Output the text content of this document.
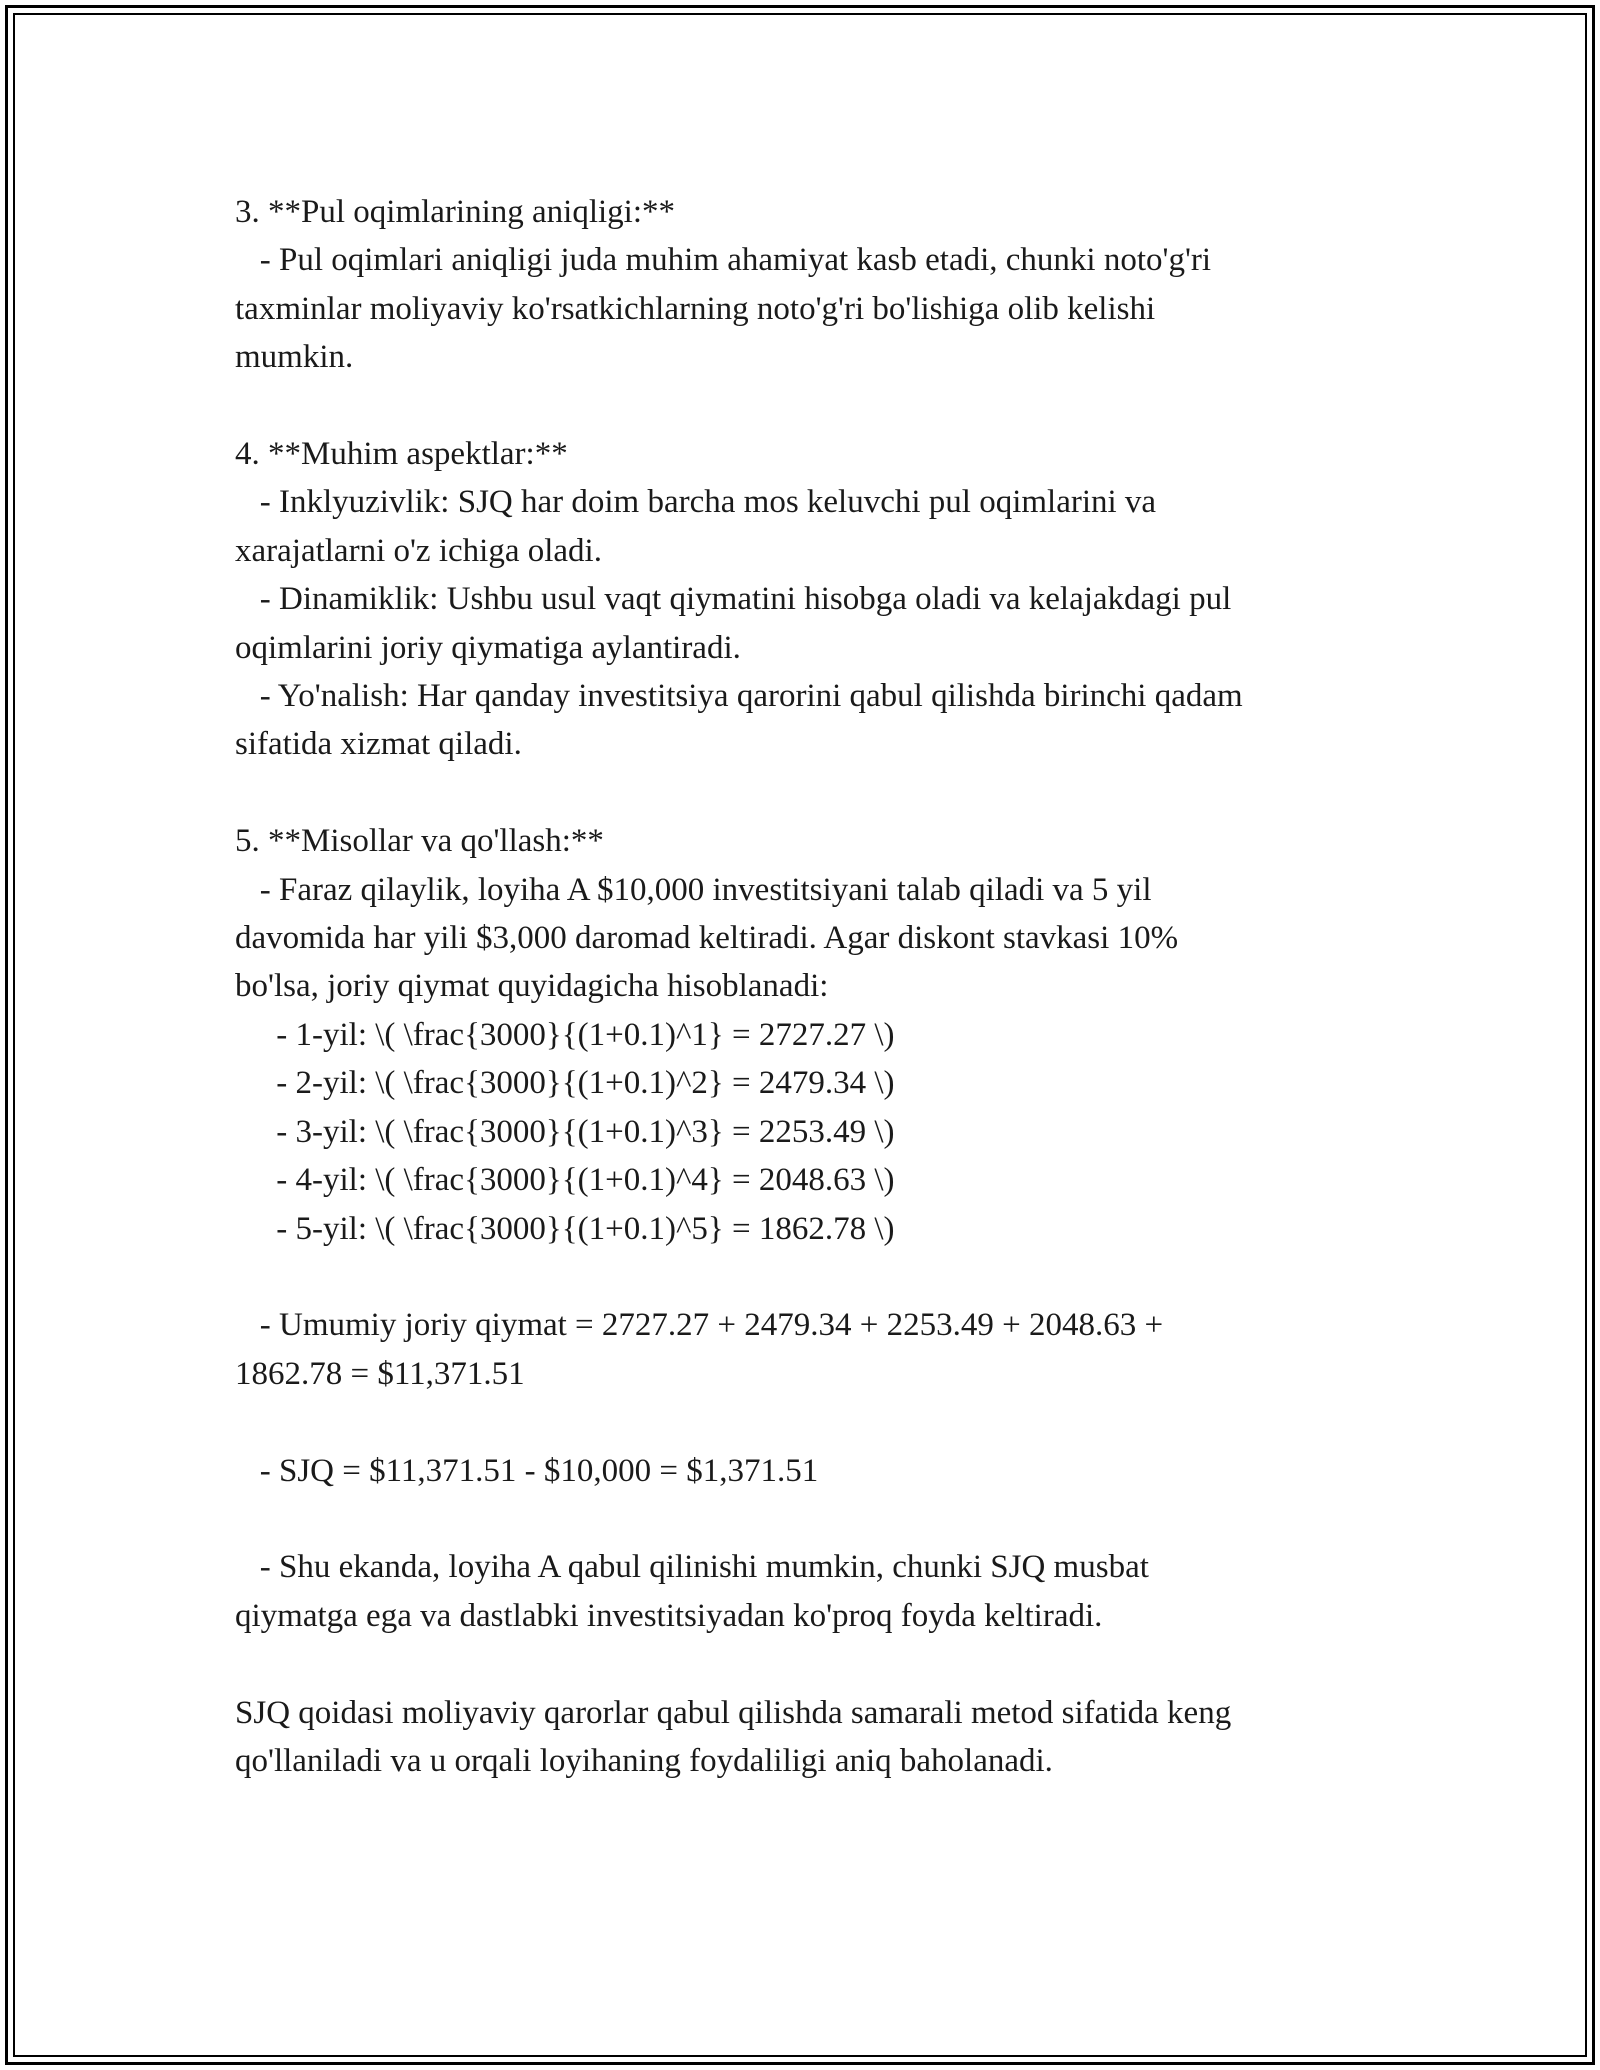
3. **Pul oqimlarining aniqligi:**
- Pul oqimlari aniqligi juda muhim ahamiyat kasb etadi, chunki noto'g'ri
taxminlar moliyaviy ko'rsatkichlarning noto'g'ri bo'lishiga olib kelishi
mumkin.
4. **Muhim aspektlar:**
- Inklyuzivlik: SJQ har doim barcha mos keluvchi pul oqimlarini va
xarajatlarni o'z ichiga oladi.
- Dinamiklik: Ushbu usul vaqt qiymatini hisobga oladi va kelajakdagi pul
oqimlarini joriy qiymatiga aylantiradi.
- Yo'nalish: Har qanday investitsiya qarorini qabul qilishda birinchi qadam
sifatida xizmat qiladi.
5. **Misollar va qo'llash:**
- Faraz qilaylik, loyiha A $10,000 investitsiyani talab qiladi va 5 yil
davomida har yili $3,000 daromad keltiradi. Agar diskont stavkasi 10%
bo'lsa, joriy qiymat quyidagicha hisoblanadi:
- 1-yil: \( \frac{3000}{(1+0.1)^1} = 2727.27 \)
- 2-yil: \( \frac{3000}{(1+0.1)^2} = 2479.34 \)
- 3-yil: \( \frac{3000}{(1+0.1)^3} = 2253.49 \)
- 4-yil: \( \frac{3000}{(1+0.1)^4} = 2048.63 \)
- 5-yil: \( \frac{3000}{(1+0.1)^5} = 1862.78 \)
- Umumiy joriy qiymat = 2727.27 + 2479.34 + 2253.49 + 2048.63 +
1862.78 = $11,371.51
- SJQ = $11,371.51 - $10,000 = $1,371.51
- Shu ekanda, loyiha A qabul qilinishi mumkin, chunki SJQ musbat
qiymatga ega va dastlabki investitsiyadan ko'proq foyda keltiradi.
SJQ qoidasi moliyaviy qarorlar qabul qilishda samarali metod sifatida keng
qo'llaniladi va u orqali loyihaning foydaliligi aniq baholanadi.
